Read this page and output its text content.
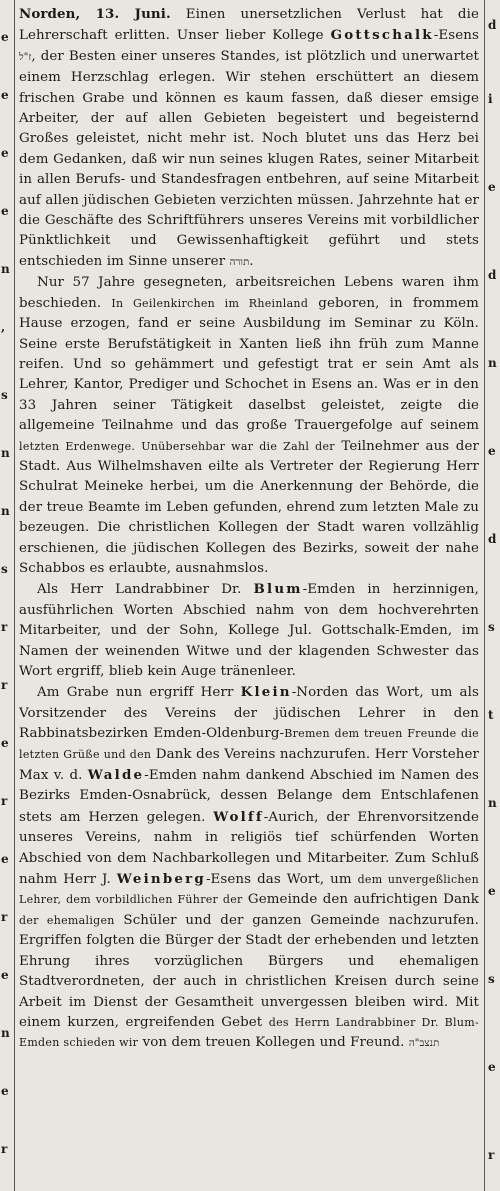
e
e
e
e
n
,
s
n
n
s
r
r
e
r
e
r
e
n
e
r

Norden, 13. Juni. Einen unersetzlichen Verlust hat die Lehrerschaft erlitten. Unser lieber Kollege Gottschalk-Esens ז"ל, der Besten einer unseres Standes, ist plötzlich und unerwartet einem Herzschlag erlegen. Wir stehen erschüttert an diesem frischen Grabe und können es kaum fassen, daß dieser emsige Arbeiter, der auf allen Gebieten begeistert und begeisternd Großes geleistet, nicht mehr ist. Noch blutet uns das Herz bei dem Gedanken, daß wir nun seines klugen Rates, seiner Mitarbeit in allen Berufs- und Standesfragen entbehren, auf seine Mitarbeit auf allen jüdischen Gebieten verzichten müssen. Jahrzehnte hat er die Geschäfte des Schriftführers unseres Vereins mit vorbildlicher Pünktlichkeit und Gewissenhaftigkeit geführt und stets entschieden im Sinne unserer תורה.

Nur 57 Jahre gesegneten, arbeitsreichen Lebens waren ihm beschieden. In Geilenkirchen im Rheinland geboren, in frommem Hause erzogen, fand er seine Ausbildung im Seminar zu Köln. Seine erste Berufstätigkeit in Xanten ließ ihn früh zum Manne reifen. Und so gehämmert und gefestigt trat er sein Amt als Lehrer, Kantor, Prediger und Schochet in Esens an. Was er in den 33 Jahren seiner Tätigkeit daselbst geleistet, zeigte die allgemeine Teilnahme und das große Trauergefolge auf seinem letzten Erdenwege. Unübersehbar war die Zahl der Teilnehmer aus der Stadt. Aus Wilhelmshaven eilte als Vertreter der Regierung Herr Schulrat Meineke herbei, um die Anerkennung der Behörde, die der treue Beamte im Leben gefunden, ehrend zum letzten Male zu bezeugen. Die christlichen Kollegen der Stadt waren vollzählig erschienen, die jüdischen Kollegen des Bezirks, soweit der nahe Schabbos es erlaubte, ausnahmslos.

Als Herr Landrabbiner Dr. Blum-Emden in herzinnigen, ausführlichen Worten Abschied nahm von dem hochverehrten Mitarbeiter, und der Sohn, Kollege Jul. Gottschalk-Emden, im Namen der weinenden Witwe und der klagenden Schwester das Wort ergriff, blieb kein Auge tränenleer.

Am Grabe nun ergriff Herr Klein-Norden das Wort, um als Vorsitzender des Vereins der jüdischen Lehrer in den Rabbinatsbezirken Emden-Oldenburg-Bremen dem treuen Freunde die letzten Grüße und den Dank des Vereins nachzurufen. Herr Vorsteher Max v. d. Walde-Emden nahm dankend Abschied im Namen des Bezirks Emden-Osnabrück, dessen Belange dem Entschlafenen stets am Herzen gelegen. Wolff-Aurich, der Ehrenvorsitzende unseres Vereins, nahm in religiös tief schürfenden Worten Abschied von dem Nachbarkollegen und Mitarbeiter. Zum Schluß nahm Herr J. Weinberg-Esens das Wort, um dem unvergeßlichen Lehrer, dem vorbildlichen Führer der Gemeinde den aufrichtigen Dank der ehemaligen Schüler und der ganzen Gemeinde nachzurufen. Ergriffen folgten die Bürger der Stadt der erhebenden und letzten Ehrung ihres vorzüglichen Bürgers und ehemaligen Stadtverordneten, der auch in christlichen Kreisen durch seine Arbeit im Dienst der Gesamtheit unvergessen bleiben wird. Mit einem kurzen, ergreifenden Gebet des Herrn Landrabbiner Dr. Blum-Emden schieden wir von dem treuen Kollegen und Freund. תנצב"ה

d
i
e
d
n
e
d
s
t
n
e
s
e
r
